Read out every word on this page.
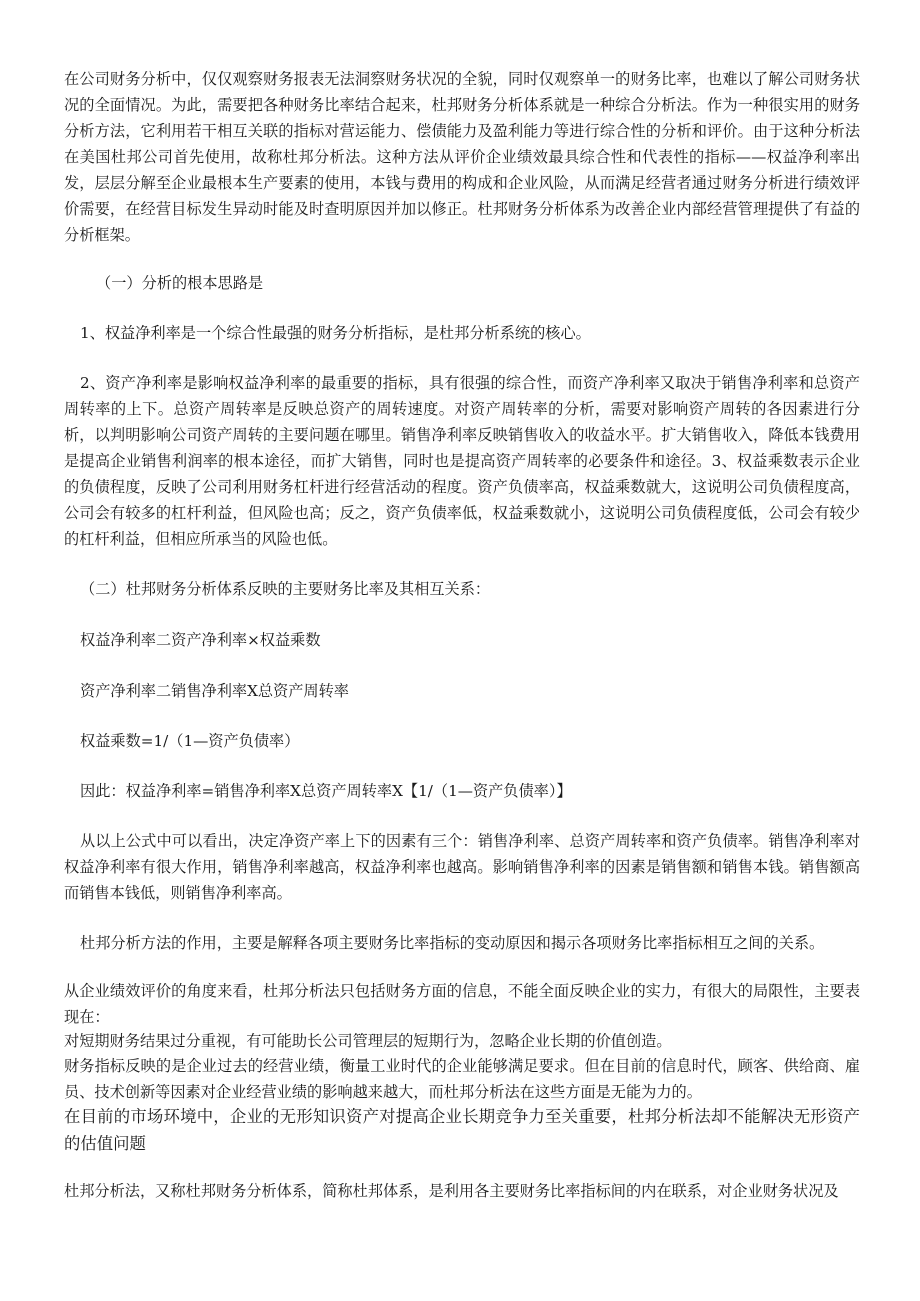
在公司财务分析中，仅仅观察财务报表无法洞察财务状况的全貌，同时仅观察单一的财务比率，也难以了解公司财务状况的全面情况。为此，需要把各种财务比率结合起来，杜邦财务分析体系就是一种综合分析法。作为一种很实用的财务分析方法，它利用若干相互关联的指标对营运能力、偿债能力及盈利能力等进行综合性的分析和评价。由于这种分析法在美国杜邦公司首先使用，故称杜邦分析法。这种方法从评价企业绩效最具综合性和代表性的指标——权益净利率出发，层层分解至企业最根本生产要素的使用，本钱与费用的构成和企业风险，从而满足经营者通过财务分析进行绩效评价需要，在经营目标发生异动时能及时查明原因并加以修正。杜邦财务分析体系为改善企业内部经营管理提供了有益的分析框架。

（一）分析的根本思路是

1、权益净利率是一个综合性最强的财务分析指标，是杜邦分析系统的核心。

2、资产净利率是影响权益净利率的最重要的指标，具有很强的综合性，而资产净利率又取决于销售净利率和总资产周转率的上下。总资产周转率是反映总资产的周转速度。对资产周转率的分析，需要对影响资产周转的各因素进行分析，以判明影响公司资产周转的主要问题在哪里。销售净利率反映销售收入的收益水平。扩大销售收入，降低本钱费用是提高企业销售利润率的根本途径，而扩大销售，同时也是提高资产周转率的必要条件和途径。3、权益乘数表示企业的负债程度，反映了公司利用财务杠杆进行经营活动的程度。资产负债率高，权益乘数就大，这说明公司负债程度高，公司会有较多的杠杆利益，但风险也高；反之，资产负债率低，权益乘数就小，这说明公司负债程度低，公司会有较少的杠杆利益，但相应所承当的风险也低。

（二）杜邦财务分析体系反映的主要财务比率及其相互关系：

权益净利率二资产净利率×权益乘数

资产净利率二销售净利率X总资产周转率

权益乘数=1/（1—资产负债率）

因此：权益净利率=销售净利率X总资产周转率X【1/（1—资产负债率）】

从以上公式中可以看出，决定净资产率上下的因素有三个：销售净利率、总资产周转率和资产负债率。销售净利率对权益净利率有很大作用，销售净利率越高，权益净利率也越高。影响销售净利率的因素是销售额和销售本钱。销售额高而销售本钱低，则销售净利率高。

杜邦分析方法的作用，主要是解释各项主要财务比率指标的变动原因和揭示各项财务比率指标相互之间的关系。

从企业绩效评价的角度来看，杜邦分析法只包括财务方面的信息，不能全面反映企业的实力，有很大的局限性，主要表现在：

对短期财务结果过分重视，有可能助长公司管理层的短期行为，忽略企业长期的价值创造。

财务指标反映的是企业过去的经营业绩，衡量工业时代的企业能够满足要求。但在目前的信息时代，顾客、供给商、雇员、技术创新等因素对企业经营业绩的影响越来越大，而杜邦分析法在这些方面是无能为力的。

在目前的市场环境中，企业的无形知识资产对提高企业长期竞争力至关重要，杜邦分析法却不能解决无形资产的估值问题

杜邦分析法，又称杜邦财务分析体系，简称杜邦体系，是利用各主要财务比率指标间的内在联系，对企业财务状况及
